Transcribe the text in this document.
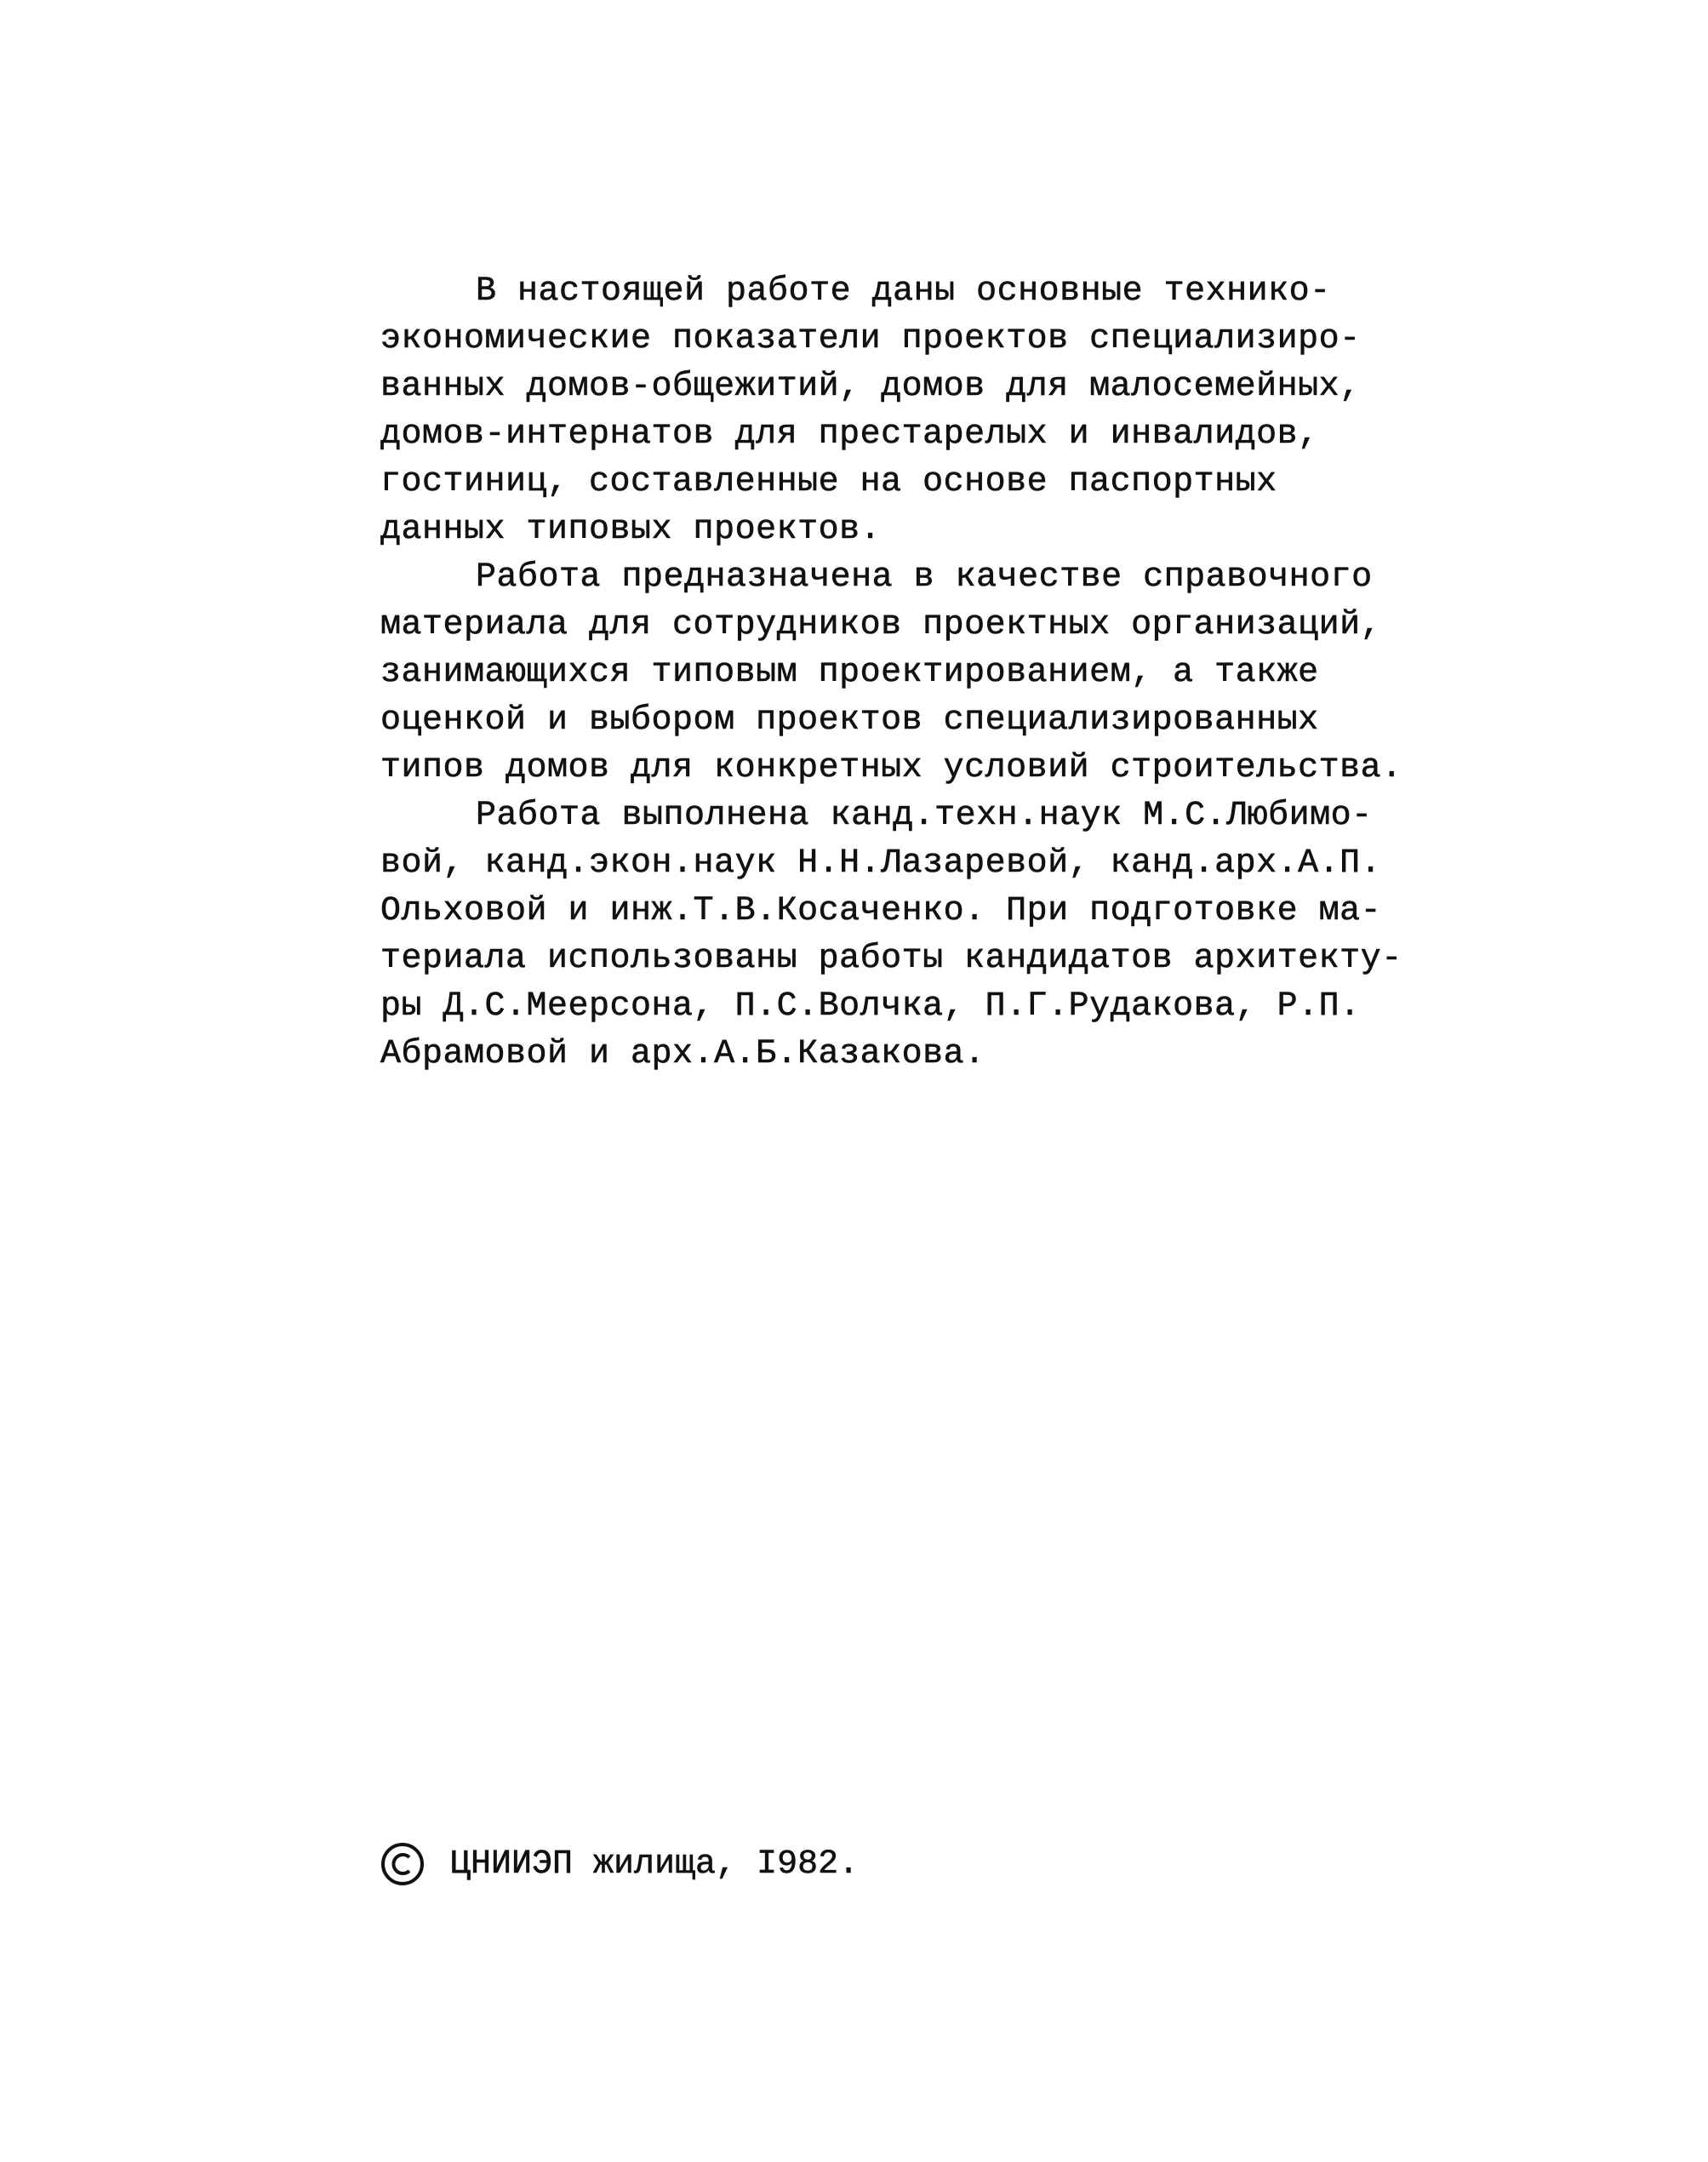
В настоящей работе даны основные технико-
экономические показатели проектов специализиро-
ванных домов-общежитий, домов для малосемейных,
домов-интернатов для престарелых и инвалидов,
гостиниц, составленные на основе паспортных
данных типовых проектов.
Работа предназначена в качестве справочного
материала для сотрудников проектных организаций,
занимающихся типовым проектированием, а также
оценкой и выбором проектов специализированных
типов домов для конкретных условий строительства.
Работа выполнена канд.техн.наук М.С.Любимо-
вой, канд.экон.наук Н.Н.Лазаревой, канд.арх.А.П.
Ольховой и инж.Т.В.Косаченко. При подготовке ма-
териала использованы работы кандидатов архитекту-
ры Д.С.Меерсона, П.С.Волчка, П.Г.Рудакова, Р.П.
Абрамовой и арх.А.Б.Казакова.
ЦНИИЭП жилища, I982.
